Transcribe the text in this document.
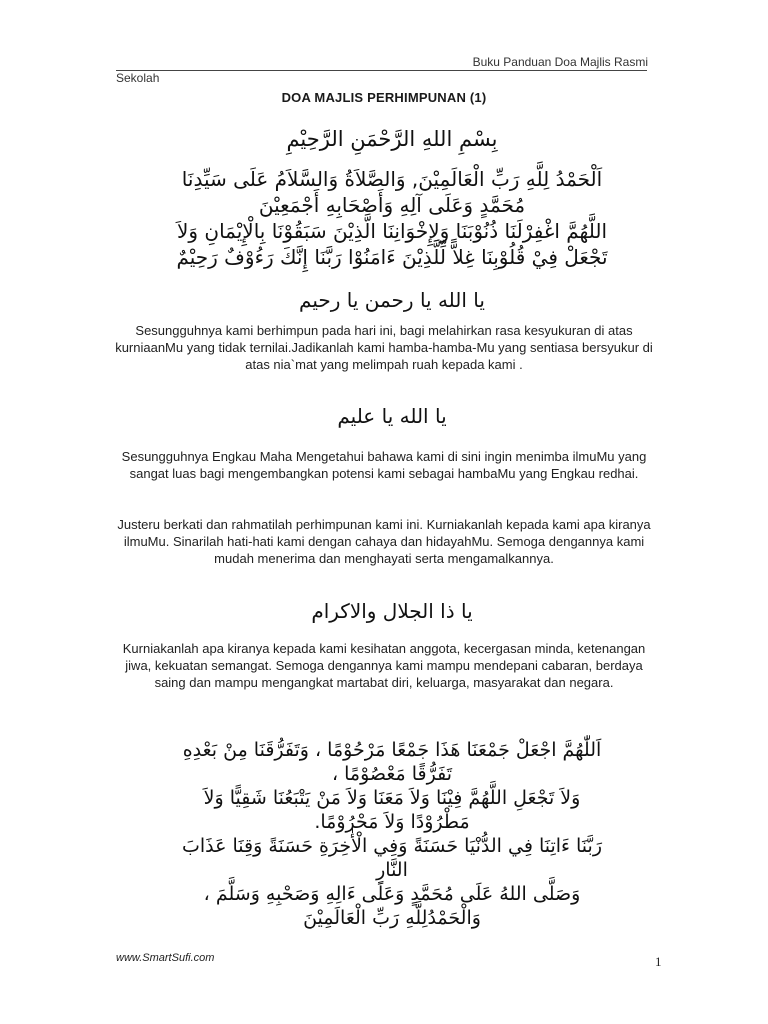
Buku Panduan Doa Majlis Rasmi
Sekolah
DOA MAJLIS PERHIMPUNAN (1)
بِسْمِ اللهِ الرَّحْمَنِ الرَّحِيْمِ
اَلْحَمْدُ لِلَّهِ رَبِّ الْعَالَمِيْنَ, وَالصَّلاَةُ وَالسَّلاَمُ عَلَى سَيِّدِنَا
مُحَمَّدٍ وَعَلَى آلِهِ وَأَصْحَابِهِ أَجْمَعِيْنَ
اللَّهُمَّ اغْفِرْلَنَا ذُنُوْبَنَا وَلِإِخْوَانِنَا الَّذِيْنَ سَبَقُوْنَا بِالْإِيْمَانِ وَلاَ
تَجْعَلْ فِيْ قُلُوْبِنَا غِلاًّ لِّلَّذِيْنَ ءَامَنُوْا رَبَّنَا إِنَّكَ رَءُوْفٌ رَحِيْمٌ
يا الله يا رحمن يا رحيم
Sesungguhnya kami berhimpun pada hari ini, bagi melahirkan rasa kesyukuran di atas kurniaanMu yang tidak ternilai.Jadikanlah kami hamba-hamba-Mu yang sentiasa bersyukur di atas nia`mat yang melimpah ruah kepada kami .
يا الله يا عليم
Sesungguhnya Engkau Maha Mengetahui bahawa kami di sini ingin menimba ilmuMu yang sangat luas bagi mengembangkan potensi kami sebagai hambaMu yang Engkau redhai.
Justeru berkati dan rahmatilah perhimpunan kami ini. Kurniakanlah kepada kami apa kiranya ilmuMu. Sinarilah hati-hati kami dengan cahaya dan hidayahMu. Semoga dengannya kami mudah menerima dan menghayati serta mengamalkannya.
يا ذا الجلال والاكرام
Kurniakanlah apa kiranya kepada kami kesihatan anggota, kecergasan minda, ketenangan jiwa, kekuatan semangat. Semoga dengannya kami mampu mendepani cabaran, berdaya saing dan mampu mengangkat martabat diri, keluarga, masyarakat dan negara.
اَللّٰهُمَّ اجْعَلْ جَمْعَنَا هَذَا جَمْعًا مَرْحُوْمًا ، وَتَفَرُّقَنَا مِنْ بَعْدِهِ
تَفَرُّقًا مَعْصُوْمًا ،
وَلاَ تَجْعَلِ اللَّهُمَّ فِيْنَا وَلاَ مَعَنَا وَلاَ مَنْ يَتْبَعُنَا شَقِيًّا وَلاَ
مَطْرُوْدًا وَلاَ مَحْرُوْمًا.
رَبَّنَا ءَاتِنَا فِي الدُّنْيَا حَسَنَةً وَفِي الْأٰخِرَةِ حَسَنَةً وَقِنَا عَذَابَ
النَّارِ
وَصَلَّى اللهُ عَلَى مُحَمَّدٍ وَعَلَى ءَالِهِ وَصَحْبِهِ وَسَلَّمَ ،
وَالْحَمْدُلِلَّهِ رَبِّ الْعَالَمِيْنَ
www.SmartSufi.com	1
